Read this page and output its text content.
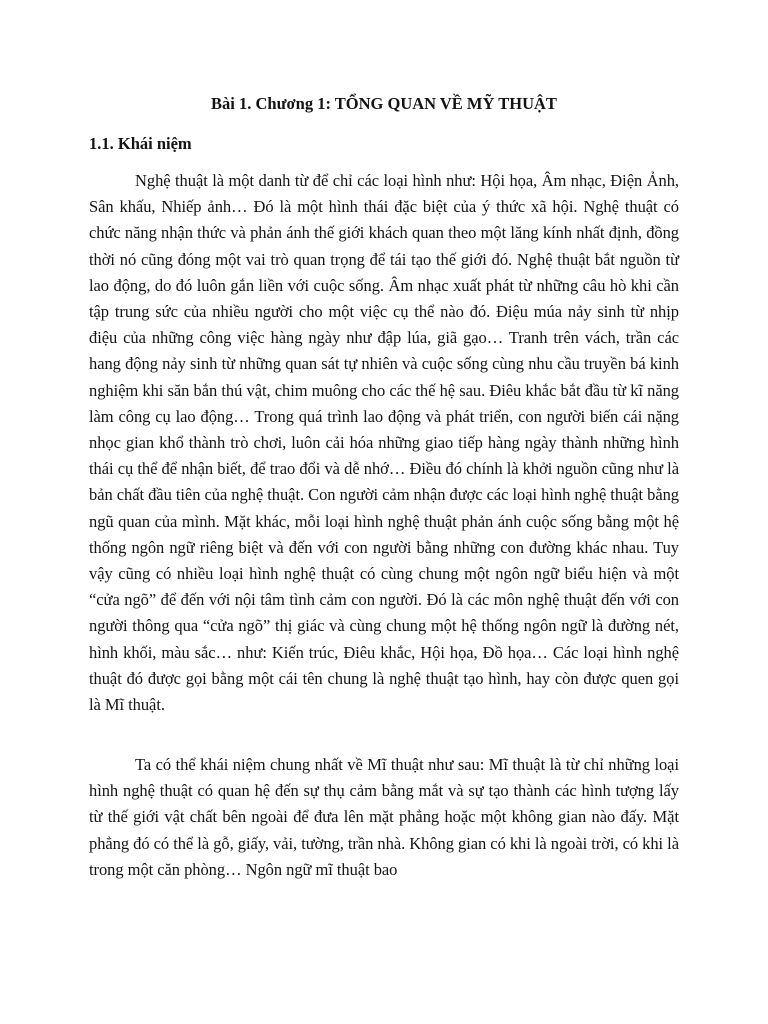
Bài 1. Chương 1: TỔNG QUAN VỀ MỸ THUẬT
1.1. Khái niệm

Nghệ thuật là một danh từ để chỉ các loại hình như: Hội họa, Âm nhạc, Điện Ảnh, Sân khấu, Nhiếp ảnh… Đó là một hình thái đặc biệt của ý thức xã hội. Nghệ thuật có chức năng nhận thức và phản ánh thế giới khách quan theo một lăng kính nhất định, đồng thời nó cũng đóng một vai trò quan trọng để tái tạo thế giới đó. Nghệ thuật bắt nguồn từ lao động, do đó luôn gắn liền với cuộc sống. Âm nhạc xuất phát từ những câu hò khi cần tập trung sức của nhiều người cho một việc cụ thể nào đó. Điệu múa nảy sinh từ nhịp điệu của những công việc hàng ngày như đập lúa, giã gạo… Tranh trên vách, trần các hang động nảy sinh từ những quan sát tự nhiên và cuộc sống cùng nhu cầu truyền bá kinh nghiệm khi săn bắn thú vật, chim muông cho các thế hệ sau. Điêu khắc bắt đầu từ kĩ năng làm công cụ lao động… Trong quá trình lao động và phát triển, con người biến cái nặng nhọc gian khổ thành trò chơi, luôn cải hóa những giao tiếp hàng ngày thành những hình thái cụ thể để nhận biết, để trao đổi và dễ nhớ… Điều đó chính là khởi nguồn cũng như là bản chất đầu tiên của nghệ thuật. Con người cảm nhận được các loại hình nghệ thuật bằng ngũ quan của mình. Mặt khác, mỗi loại hình nghệ thuật phản ánh cuộc sống bằng một hệ thống ngôn ngữ riêng biệt và đến với con người bằng những con đường khác nhau. Tuy vậy cũng có nhiều loại hình nghệ thuật có cùng chung một ngôn ngữ biểu hiện và một “cửa ngõ” để đến với nội tâm tình cảm con người. Đó là các môn nghệ thuật đến với con người thông qua “cửa ngõ” thị giác và cùng chung một hệ thống ngôn ngữ là đường nét, hình khối, màu sắc… như: Kiến trúc, Điêu khắc, Hội họa, Đồ họa… Các loại hình nghệ thuật đó được gọi bằng một cái tên chung là nghệ thuật tạo hình, hay còn được quen gọi là Mĩ thuật.

Ta có thể khái niệm chung nhất về Mĩ thuật như sau: Mĩ thuật là từ chỉ những loại hình nghệ thuật có quan hệ đến sự thụ cảm bằng mắt và sự tạo thành các hình tượng lấy từ thế giới vật chất bên ngoài để đưa lên mặt phẳng hoặc một không gian nào đấy. Mặt phẳng đó có thể là gỗ, giấy, vải, tường, trần nhà. Không gian có khi là ngoài trời, có khi là trong một căn phòng… Ngôn ngữ mĩ thuật bao
